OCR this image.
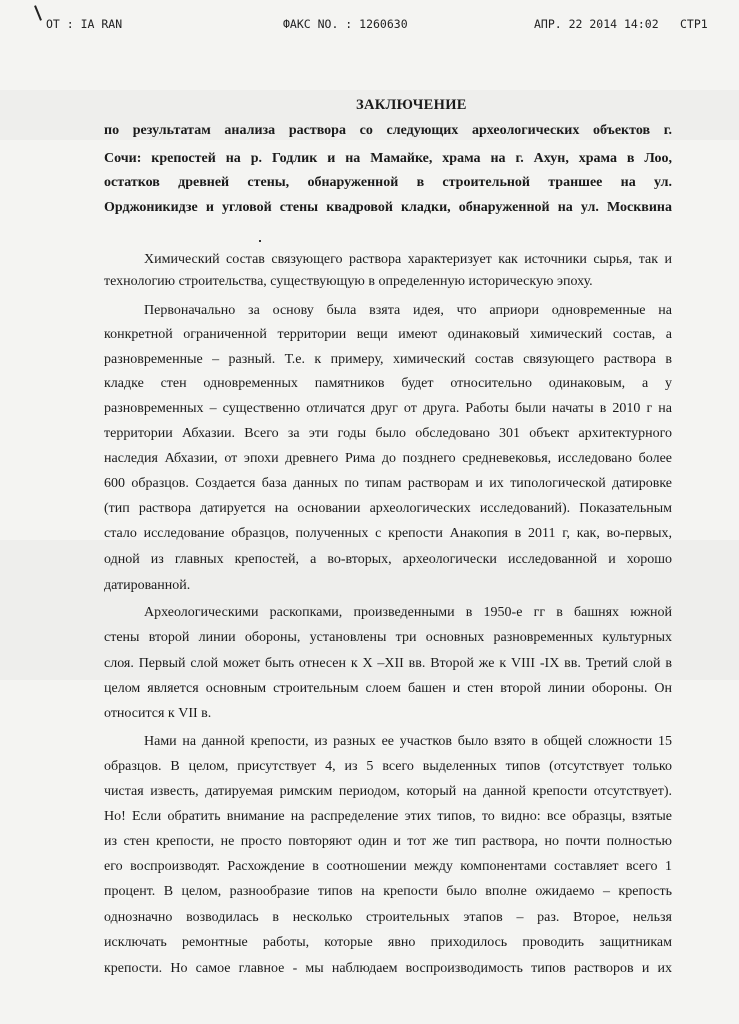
OT : IA RAN	ФАКС NO. : 1260630	АПР. 22 2014 14:02 СТР1
ЗАКЛЮЧЕНИЕ
по результатам анализа раствора со следующих археологических объектов г.
Сочи: крепостей на р. Годлик и на Мамайке, храма на г. Ахун, храма в Лоо,
остатков древней стены, обнаруженной в строительной траншее на ул.
Орджоникидзе и угловой стены квадровой кладки, обнаруженной на ул. Москвина
Химический состав связующего раствора характеризует как источники сырья, так и
технологию строительства, существующую в определенную историческую эпоху.
Первоначально за основу была взята идея, что априори одновременные на
конкретной ограниченной территории вещи имеют одинаковый химический состав, а
разновременные – разный. Т.е. к примеру, химический состав связующего раствора в
кладке стен одновременных памятников будет относительно одинаковым, а у
разновременных – существенно отличатся друг от друга. Работы были начаты в 2010 г на
территории Абхазии. Всего за эти годы было обследовано 301 объект архитектурного
наследия Абхазии, от эпохи древнего Рима до позднего средневековья, исследовано более
600 образцов. Создается база данных по типам растворам и их типологической датировке
(тип раствора датируется на основании археологических исследований). Показательным
стало исследование образцов, полученных с крепости Анакопия в 2011 г, как, во-первых,
одной из главных крепостей, а во-вторых, археологически исследованной и хорошо
датированной.
Археологическими раскопками, произведенными в 1950-е гг в башнях южной
стены второй линии обороны, установлены три основных разновременных культурных
слоя. Первый слой может быть отнесен к X –XII вв. Второй же к VIII -IX вв. Третий слой в
целом является основным строительным слоем башен и стен второй линии обороны. Он
относится к VII в.
Нами на данной крепости, из разных ее участков было взято в общей сложности 15
образцов. В целом, присутствует 4, из 5 всего выделенных типов (отсутствует только
чистая известь, датируемая римским периодом, который на данной крепости отсутствует).
Но! Если обратить внимание на распределение этих типов, то видно: все образцы, взятые
из стен крепости, не просто повторяют один и тот же тип раствора, но почти полностью
его воспроизводят. Расхождение в соотношении между компонентами составляет всего 1
процент. В целом, разнообразие типов на крепости было вполне ожидаемо – крепость
однозначно возводилась в несколько строительных этапов – раз. Второе, нельзя
исключать ремонтные работы, которые явно приходилось проводить защитникам
крепости. Но самое главное - мы наблюдаем воспроизводимость типов растворов и их
